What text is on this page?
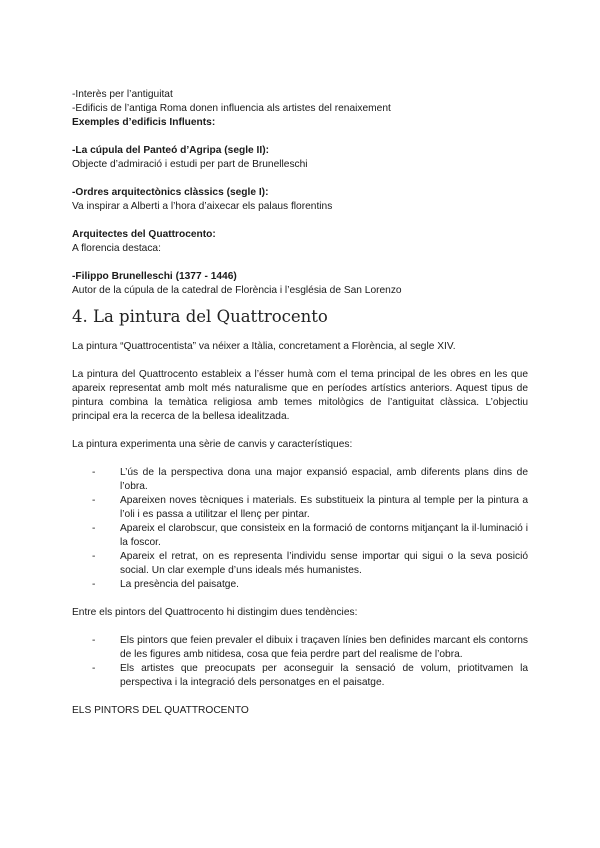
-Interès per l’antiguitat

-Edificis de l’antiga Roma donen influencia als artistes del renaixement

Exemples d’edificis Influents:

-La cúpula del Panteó d’Agripa (segle II):

Objecte d’admiració i estudi per part de Brunelleschi

-Ordres arquitectònics clàssics (segle I):

Va inspirar a Alberti a l’hora d’aixecar els palaus florentins

Arquitectes del Quattrocento:

A florencia destaca:

-Filippo Brunelleschi (1377 - 1446)

Autor de la cúpula de la catedral de Florència i l’església de San Lorenzo

4. La pintura del Quattrocento

La pintura “Quattrocentista” va néixer a Itàlia, concretament a Florència, al segle XIV.

La pintura del Quattrocento estableix a l’ésser humà com el tema principal de les obres en les que apareix representat amb molt més naturalisme que en períodes artístics anteriors. Aquest tipus de pintura combina la temàtica religiosa amb temes mitològics de l’antiguitat clàssica. L’objectiu principal era la recerca de la bellesa idealitzada.

La pintura experimenta una sèrie de canvis y característiques:

- L’ús de la perspectiva dona una major expansió espacial, amb diferents plans dins de l’obra.
- Apareixen noves tècniques i materials. Es substitueix la pintura al temple per la pintura a l’oli i es passa a utilitzar el llenç per pintar.
- Apareix el clarobscur, que consisteix en la formació de contorns mitjançant la il·luminació i la foscor.
- Apareix el retrat, on es representa l’individu sense importar qui sigui o la seva posició social. Un clar exemple d’uns ideals més humanistes.
- La presència del paisatge.

Entre els pintors del Quattrocento hi distingim dues tendències:

- Els pintors que feien prevaler el dibuix i traçaven línies ben definides marcant els contorns de les figures amb nitidesa, cosa que feia perdre part del realisme de l’obra.
- Els artistes que preocupats per aconseguir la sensació de volum, priotitvamen la perspectiva i la integració dels personatges en el paisatge.

ELS PINTORS DEL QUATTROCENTO
